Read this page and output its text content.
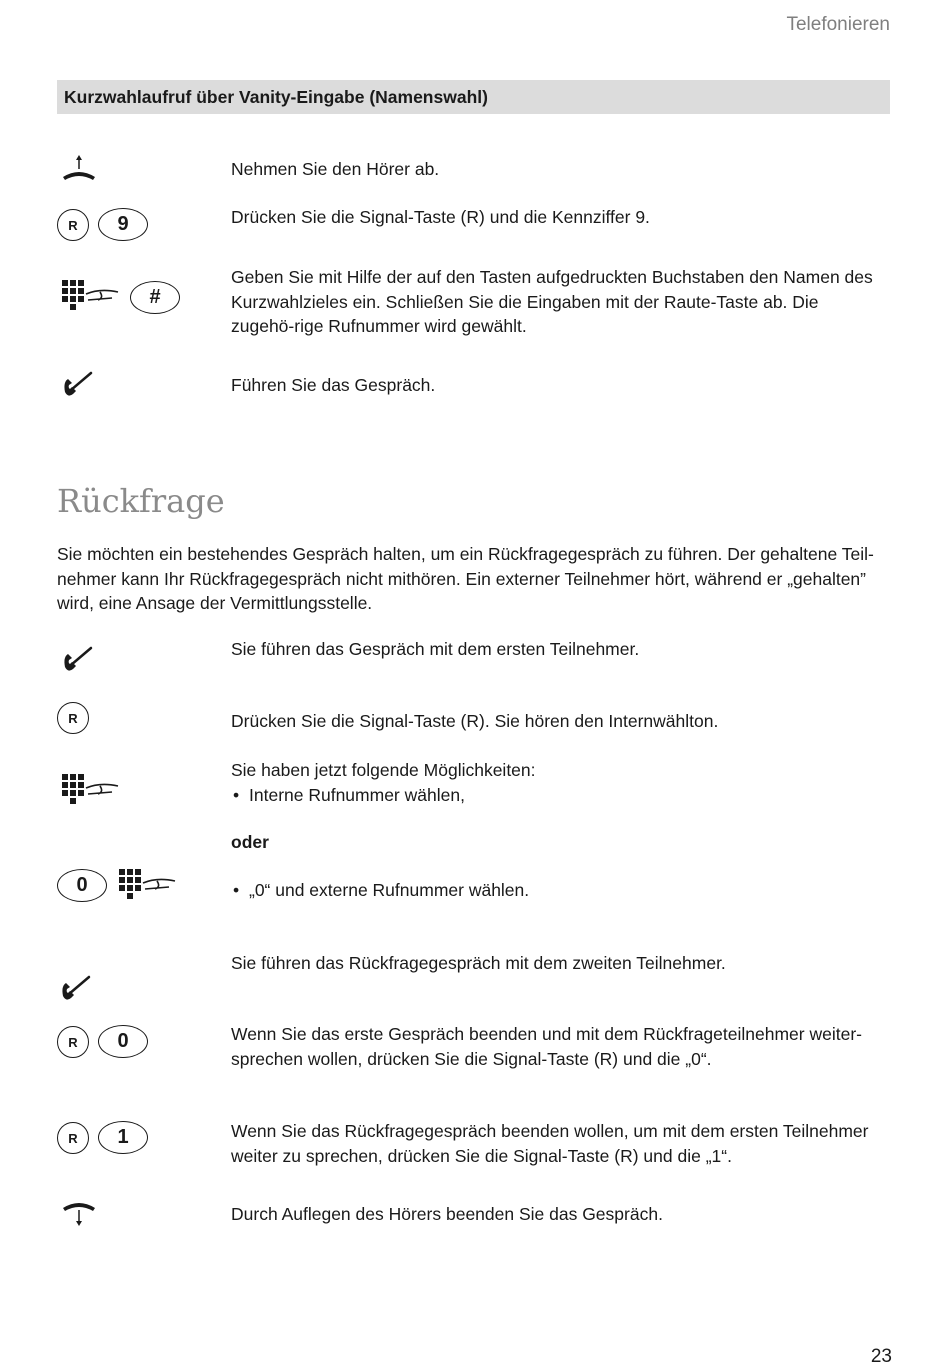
Telefonieren
Kurzwahlaufruf über Vanity-Eingabe (Namenswahl)
Nehmen Sie den Hörer ab.
R	9	Drücken Sie die Signal-Taste (R) und die Kennziffer 9.
#
Geben Sie mit Hilfe der auf den Tasten aufgedruckten Buchstaben den Namen des Kurzwahlzieles ein. Schließen Sie die Eingaben mit der Raute-Taste ab. Die zugehö-rige Rufnummer wird gewählt.
Führen Sie das Gespräch.
Rückfrage
Sie möchten ein bestehendes Gespräch halten, um ein Rückfragegespräch zu führen. Der gehaltene Teil-nehmer kann Ihr Rückfragegespräch nicht mithören. Ein externer Teilnehmer hört, während er „gehalten” wird, eine Ansage der Vermittlungsstelle.
Sie führen das Gespräch mit dem ersten Teilnehmer.
R	Drücken Sie die Signal-Taste (R). Sie hören den Internwählton.
Sie haben jetzt folgende Möglichkeiten:
• Interne Rufnummer wählen,
oder
0
•	„0“ und externe Rufnummer wählen.
Sie führen das Rückfragegespräch mit dem zweiten Teilnehmer.
R	0	Wenn Sie das erste Gespräch beenden und mit dem Rückfrageteilnehmer weiter-sprechen wollen, drücken Sie die Signal-Taste (R) und die „0“.
R	1	Wenn Sie das Rückfragegespräch beenden wollen, um mit dem ersten Teilnehmer weiter zu sprechen, drücken Sie die Signal-Taste (R) und die „1“.
Durch Auflegen des Hörers beenden Sie das Gespräch.
23
